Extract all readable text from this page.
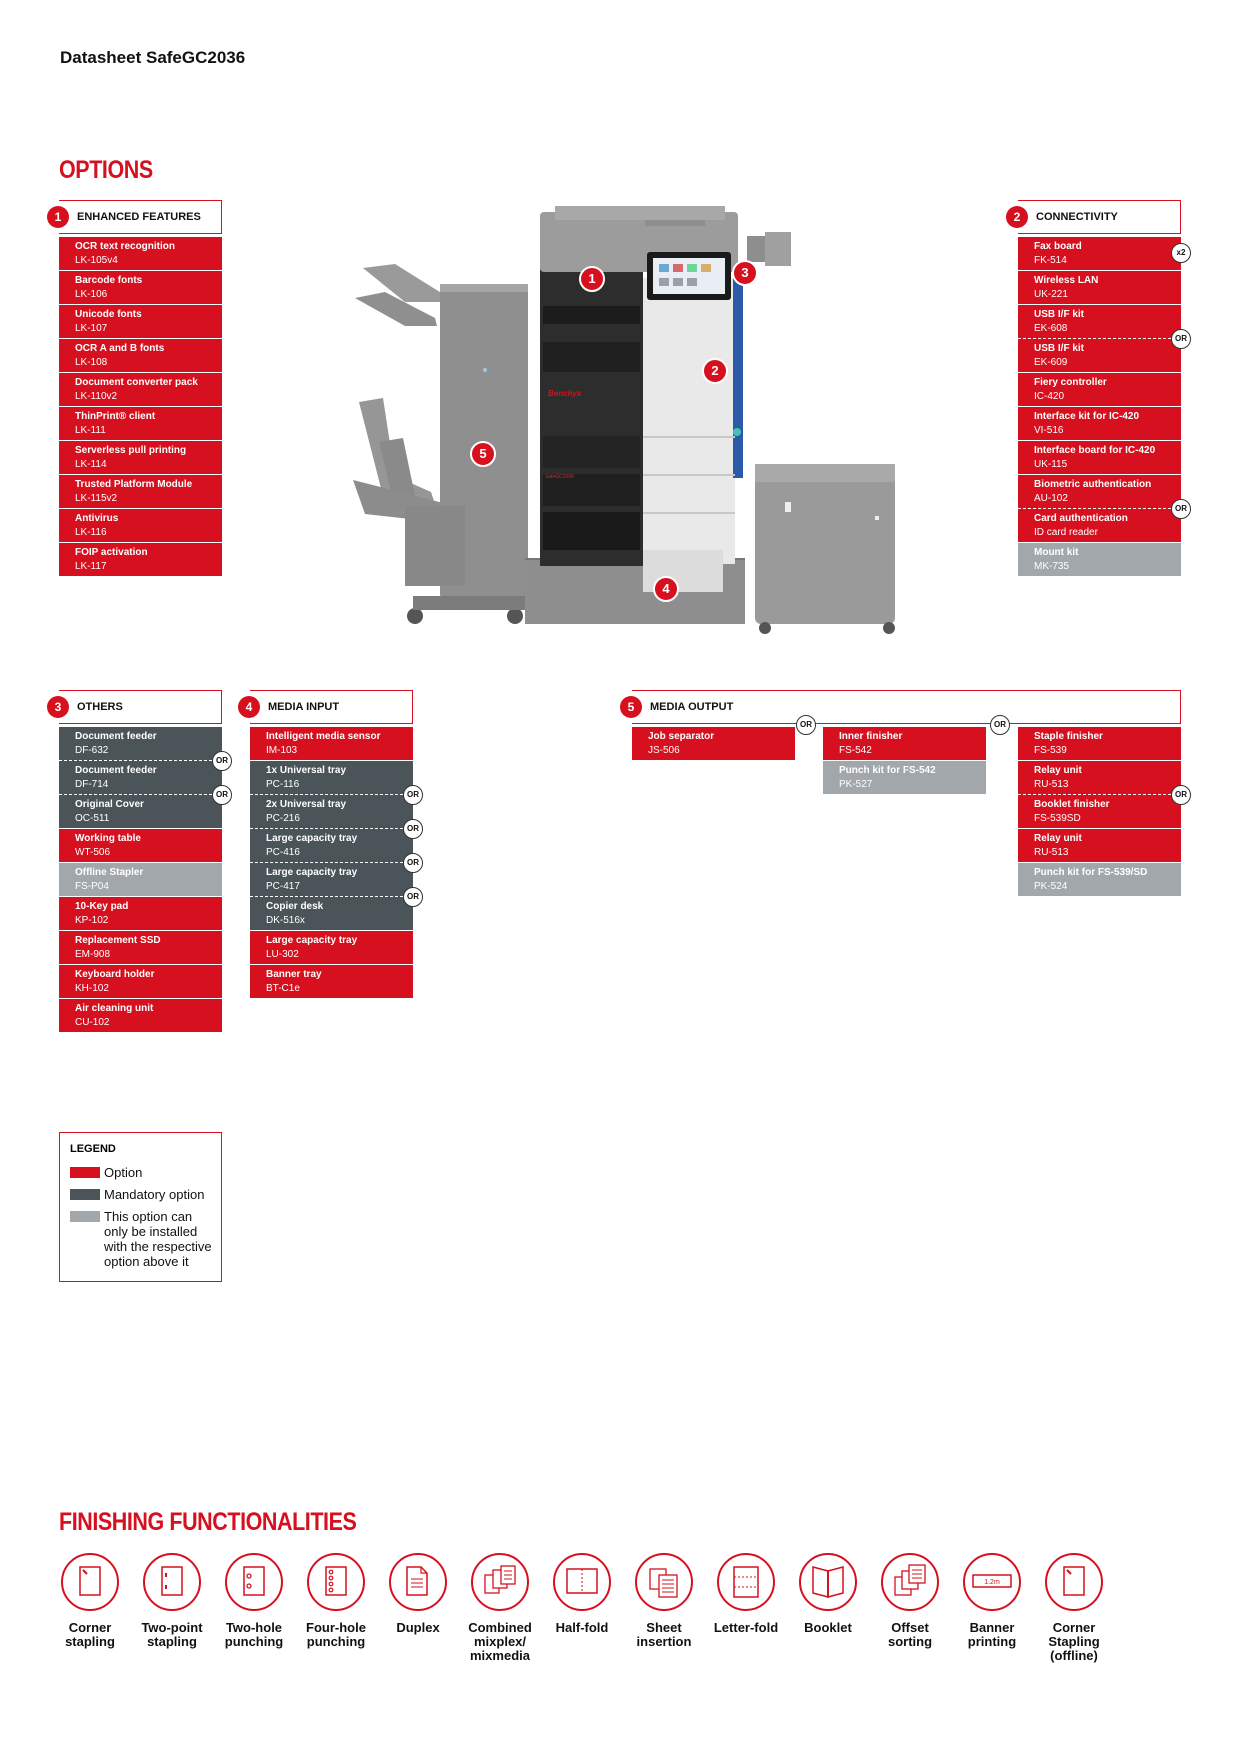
Datasheet SafeGC2036
OPTIONS
1	ENHANCED FEATURES
OCR text recognition
LK-105v4
Barcode fonts
LK-106
Unicode fonts
LK-107
OCR A and B fonts
LK-108
Document converter pack
LK-110v2
ThinPrint® client
LK-111
Serverless pull printing
LK-114
Trusted Platform Module
LK-115v2
Antivirus
LK-116
FOIP activation
LK-117
2	CONNECTIVITY
Fax board
FK-514
Wireless LAN
UK-221
USB I/F kit
EK-608
USB I/F kit
EK-609
Fiery controller
IC-420
Interface kit for IC-420
VI-516
Interface board for IC-420
UK-115
Biometric authentication
AU-102
Card authentication
ID card reader
Mount kit
MK-735
x2
OR
OR
Benchyx
SafeGC2036
1
2
3
4
5
3	OTHERS
Document feeder
DF-632
Document feeder
DF-714
Original Cover
OC-511
Working table
WT-506
Offline Stapler
FS-P04
10-Key pad
KP-102
Replacement SSD
EM-908
Keyboard holder
KH-102
Air cleaning unit
CU-102
OR
OR
4	MEDIA INPUT
Intelligent media sensor
IM-103
1x Universal tray
PC-116
2x Universal tray
PC-216
Large capacity tray
PC-416
Large capacity tray
PC-417
Copier desk
DK-516x
Large capacity tray
LU-302
Banner tray
BT-C1e
OR
OR
OR
OR
5	MEDIA OUTPUT
Job separator
JS-506
Inner finisher
FS-542
Punch kit for FS-542
PK-527
Staple finisher
FS-539
Relay unit
RU-513
Booklet finisher
FS-539SD
Relay unit
RU-513
Punch kit for FS-539/SD
PK-524
OR	OR
OR
LEGEND
Option
Mandatory option
This option can only be installed with the respective option above it
FINISHING FUNCTIONALITIES
Corner stapling
Two-point stapling
Two-hole punching
Four-hole punching
Duplex	Combined mixplex/ mixmedia
Half-fold	Sheet insertion
Letter-fold	Booklet	Offset sorting
1.2m
Banner printing
Corner Stapling (offline)
